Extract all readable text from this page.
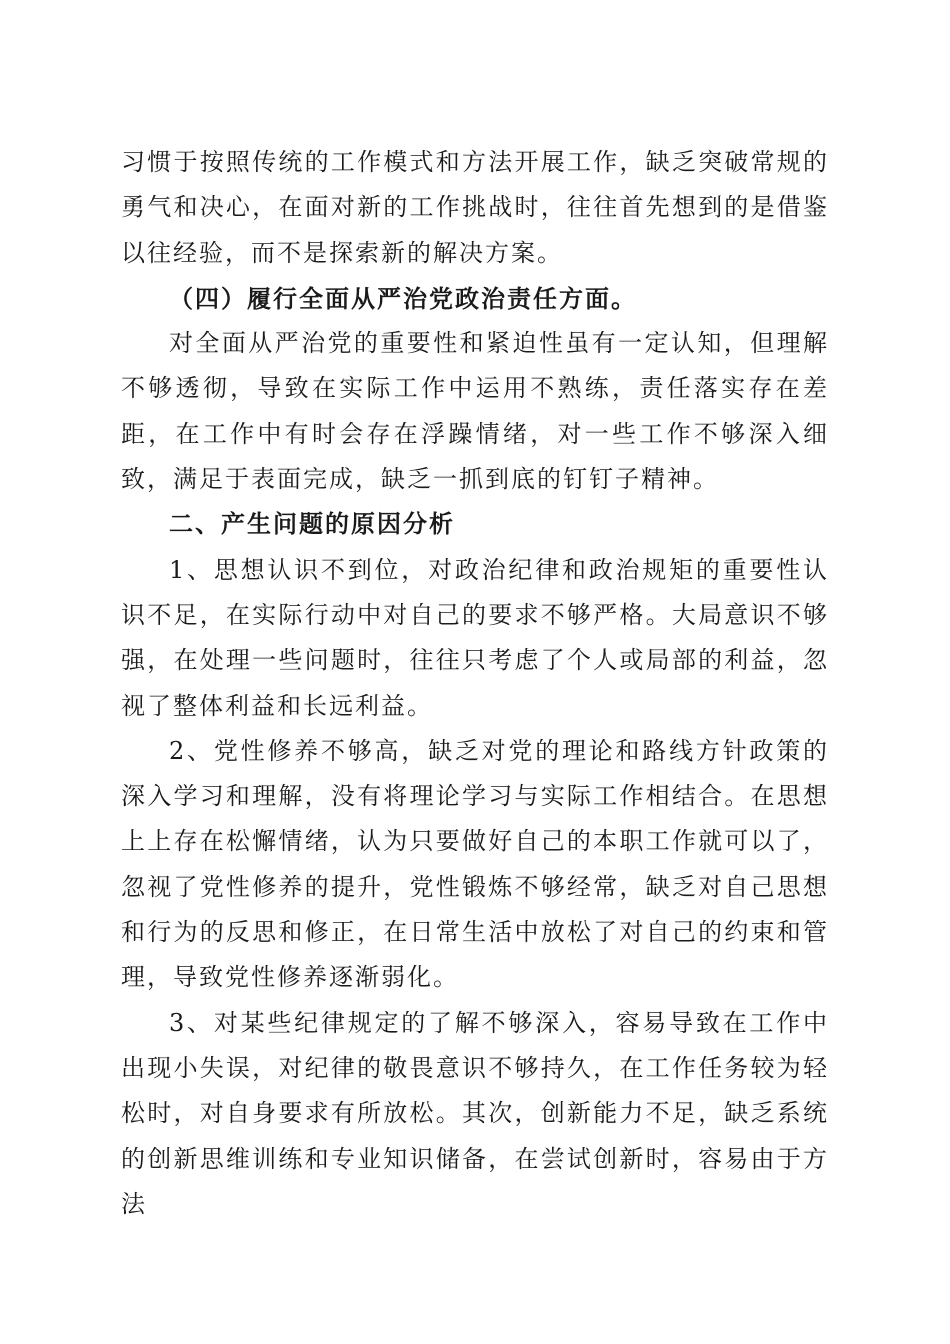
习惯于按照传统的工作模式和方法开展工作，缺乏突破常规的勇气和决心，在面对新的工作挑战时，往往首先想到的是借鉴以往经验，而不是探索新的解决方案。

（四）履行全面从严治党政治责任方面。

对全面从严治党的重要性和紧迫性虽有一定认知，但理解不够透彻，导致在实际工作中运用不熟练，责任落实存在差距，在工作中有时会存在浮躁情绪，对一些工作不够深入细致，满足于表面完成，缺乏一抓到底的钉钉子精神。

二、产生问题的原因分析

1、思想认识不到位，对政治纪律和政治规矩的重要性认识不足，在实际行动中对自己的要求不够严格。大局意识不够强，在处理一些问题时，往往只考虑了个人或局部的利益，忽视了整体利益和长远利益。

2、党性修养不够高，缺乏对党的理论和路线方针政策的深入学习和理解，没有将理论学习与实际工作相结合。在思想上上存在松懈情绪，认为只要做好自己的本职工作就可以了，忽视了党性修养的提升，党性锻炼不够经常，缺乏对自己思想和行为的反思和修正，在日常生活中放松了对自己的约束和管理，导致党性修养逐渐弱化。

3、对某些纪律规定的了解不够深入，容易导致在工作中出现小失误，对纪律的敬畏意识不够持久，在工作任务较为轻松时，对自身要求有所放松。其次，创新能力不足，缺乏系统的创新思维训练和专业知识储备，在尝试创新时，容易由于方法
